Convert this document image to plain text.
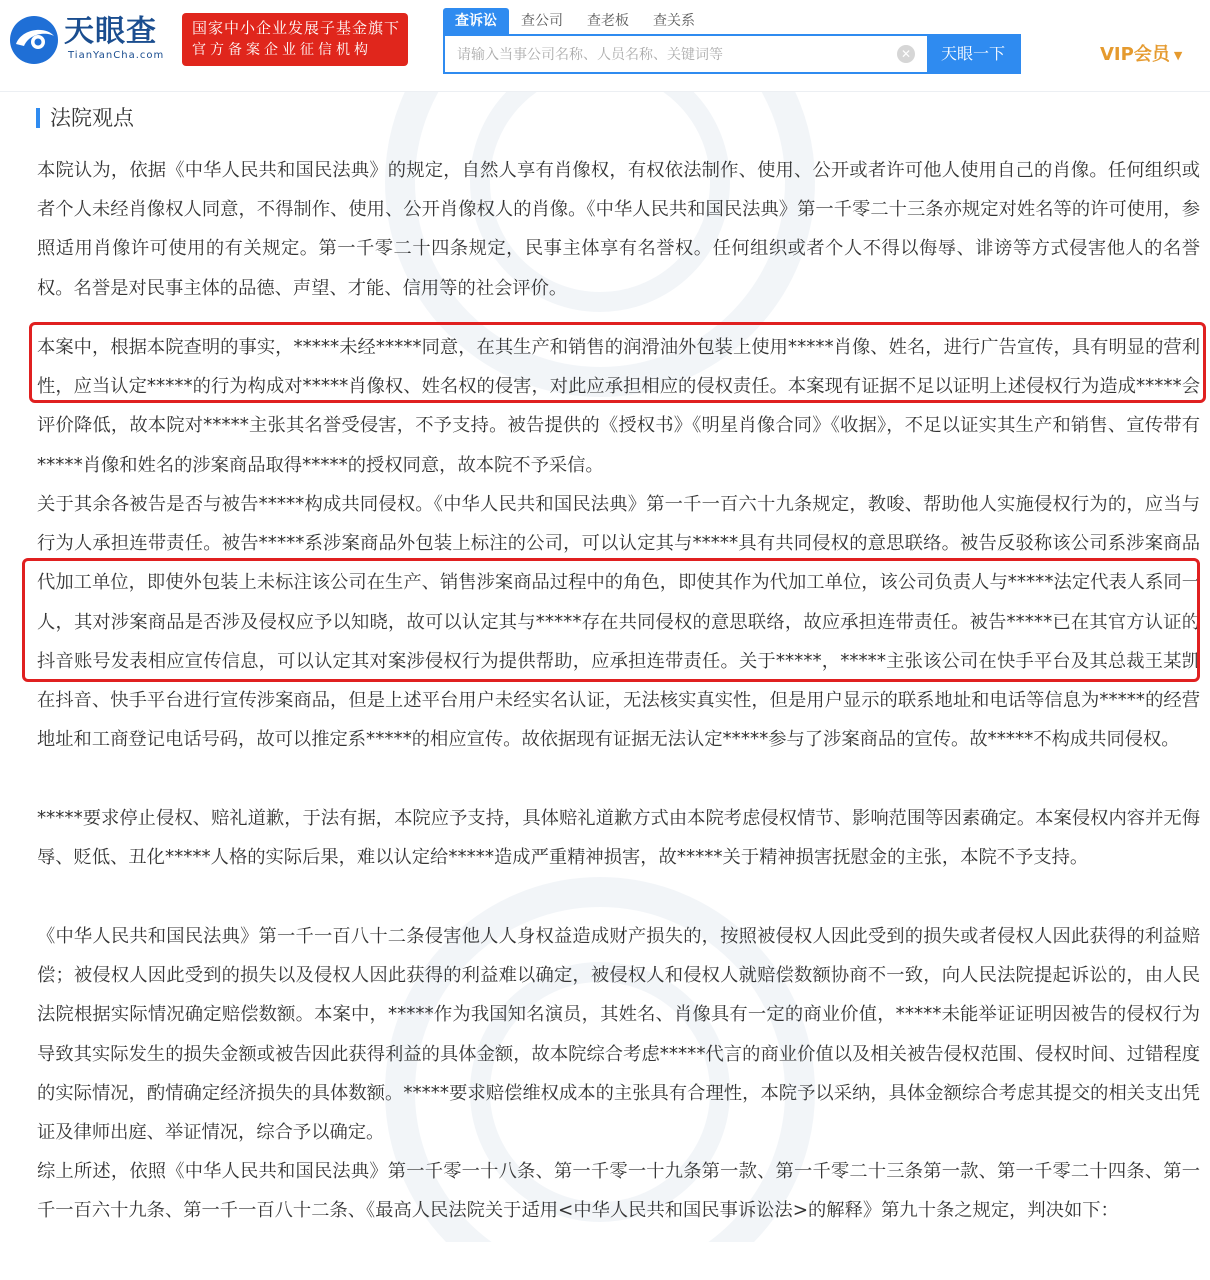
天眼查
TianYanCha.com
国家中小企业发展子基金旗下
官方备案企业征信机构
查诉讼	查公司	查老板	查关系
请输入当事公司名称、人员名称、关键词等
✕	天眼一下	VIP会员 ▼
法院观点

本院认为，依据《中华人民共和国民法典》的规定，自然人享有肖像权，有权依法制作、使用、公开或者许可他人使用自己的肖像。任何组织或者个人未经肖像权人同意，不得制作、使用、公开肖像权人的肖像。《中华人民共和国民法典》第一千零二十三条亦规定对姓名等的许可使用，参照适用肖像许可使用的有关规定。第一千零二十四条规定，民事主体享有名誉权。任何组织或者个人不得以侮辱、诽谤等方式侵害他人的名誉权。名誉是对民事主体的品德、声望、才能、信用等的社会评价。

本案中，根据本院查明的事实，*****未经*****同意，在其生产和销售的润滑油外包装上使用*****肖像、姓名，进行广告宣传，具有明显的营利性，应当认定*****的行为构成对*****肖像权、姓名权的侵害，对此应承担相应的侵权责任。本案现有证据不足以证明上述侵权行为造成*****会评价降低，故本院对*****主张其名誉受侵害，不予支持。被告提供的《授权书》《明星肖像合同》《收据》，不足以证实其生产和销售、宣传带有*****肖像和姓名的涉案商品取得*****的授权同意，故本院不予采信。

关于其余各被告是否与被告*****构成共同侵权。《中华人民共和国民法典》第一千一百六十九条规定，教唆、帮助他人实施侵权行为的，应当与行为人承担连带责任。被告*****系涉案商品外包装上标注的公司，可以认定其与*****具有共同侵权的意思联络。被告反驳称该公司系涉案商品代加工单位，即使外包装上未标注该公司在生产、销售涉案商品过程中的角色，即使其作为代加工单位，该公司负责人与*****法定代表人系同一人，其对涉案商品是否涉及侵权应予以知晓，故可以认定其与*****存在共同侵权的意思联络，故应承担连带责任。被告*****已在其官方认证的抖音账号发表相应宣传信息，可以认定其对案涉侵权行为提供帮助，应承担连带责任。关于*****，*****主张该公司在快手平台及其总裁王某凯在抖音、快手平台进行宣传涉案商品，但是上述平台用户未经实名认证，无法核实真实性，但是用户显示的联系地址和电话等信息为*****的经营地址和工商登记电话号码，故可以推定系*****的相应宣传。故依据现有证据无法认定*****参与了涉案商品的宣传。故*****不构成共同侵权。

*****要求停止侵权、赔礼道歉，于法有据，本院应予支持，具体赔礼道歉方式由本院考虑侵权情节、影响范围等因素确定。本案侵权内容并无侮辱、贬低、丑化*****人格的实际后果，难以认定给*****造成严重精神损害，故*****关于精神损害抚慰金的主张，本院不予支持。

《中华人民共和国民法典》第一千一百八十二条侵害他人人身权益造成财产损失的，按照被侵权人因此受到的损失或者侵权人因此获得的利益赔偿；被侵权人因此受到的损失以及侵权人因此获得的利益难以确定，被侵权人和侵权人就赔偿数额协商不一致，向人民法院提起诉讼的，由人民法院根据实际情况确定赔偿数额。本案中，*****作为我国知名演员，其姓名、肖像具有一定的商业价值，*****未能举证证明因被告的侵权行为导致其实际发生的损失金额或被告因此获得利益的具体金额，故本院综合考虑*****代言的商业价值以及相关被告侵权范围、侵权时间、过错程度的实际情况，酌情确定经济损失的具体数额。*****要求赔偿维权成本的主张具有合理性，本院予以采纳，具体金额综合考虑其提交的相关支出凭证及律师出庭、举证情况，综合予以确定。

综上所述，依照《中华人民共和国民法典》第一千零一十八条、第一千零一十九条第一款、第一千零二十三条第一款、第一千零二十四条、第一千一百六十九条、第一千一百八十二条、《最高人民法院关于适用<中华人民共和国民事诉讼法>的解释》第九十条之规定，判决如下：
